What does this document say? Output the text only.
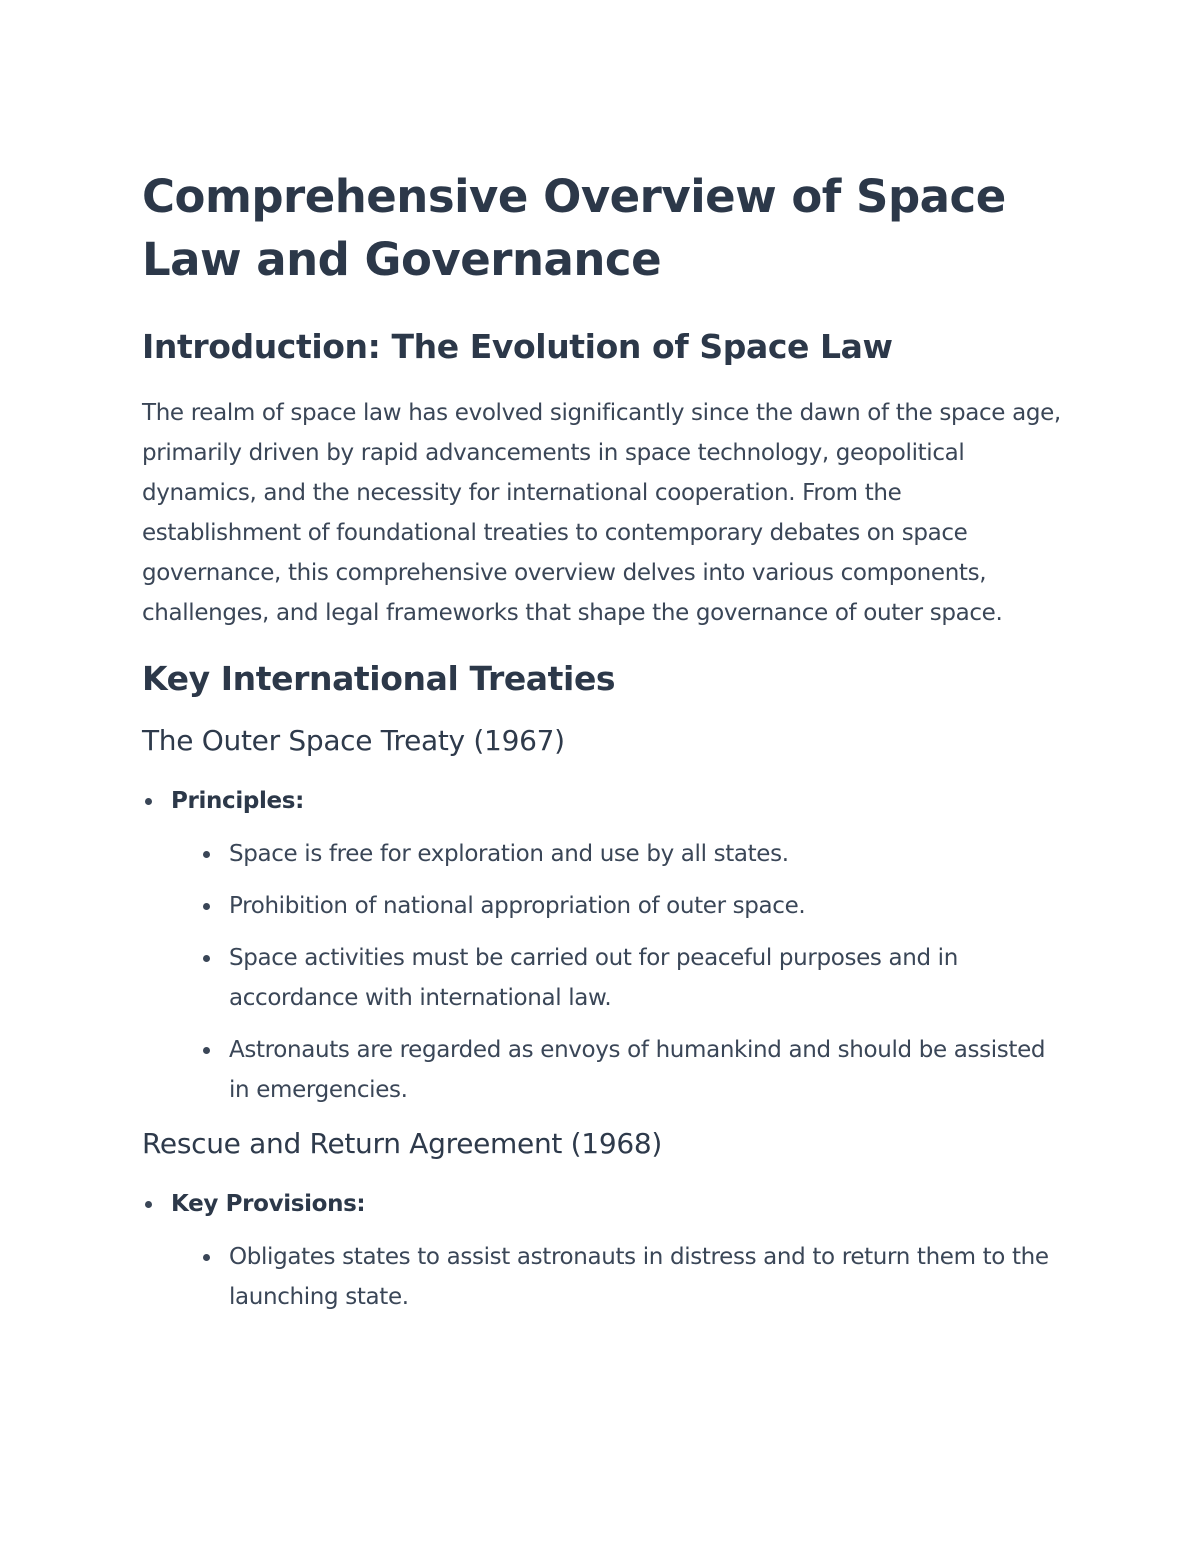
Comprehensive Overview of Space Law and Governance
Introduction: The Evolution of Space Law

The realm of space law has evolved significantly since the dawn of the space age, primarily driven by rapid advancements in space technology, geopolitical dynamics, and the necessity for international cooperation. From the establishment of foundational treaties to contemporary debates on space governance, this comprehensive overview delves into various components, challenges, and legal frameworks that shape the governance of outer space.

Key International Treaties
The Outer Space Treaty (1967)
Principles:
Space is free for exploration and use by all states.
Prohibition of national appropriation of outer space.
Space activities must be carried out for peaceful purposes and in accordance with international law.
Astronauts are regarded as envoys of humankind and should be assisted in emergencies.
Rescue and Return Agreement (1968)
Key Provisions:
Obligates states to assist astronauts in distress and to return them to the launching state.
